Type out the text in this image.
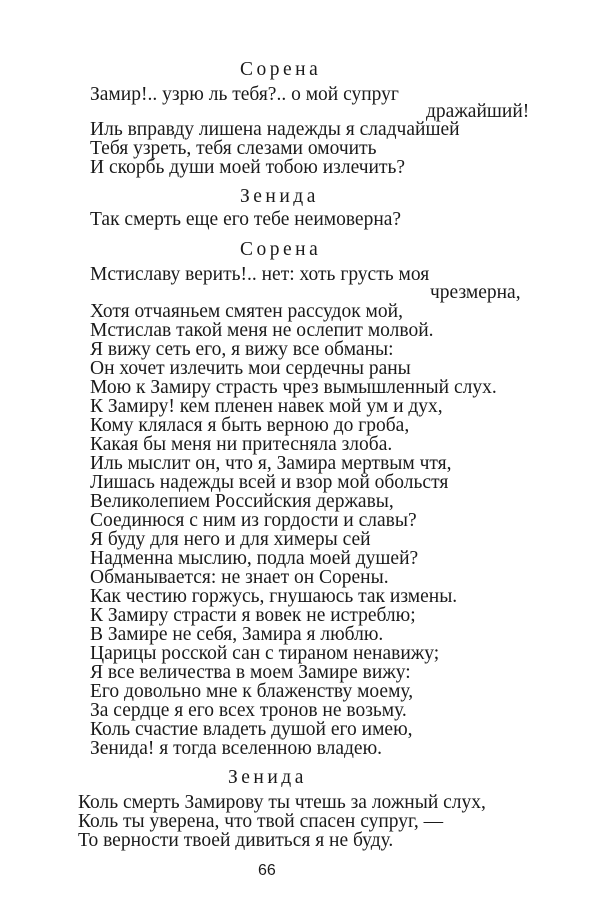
Сорена
Замир!.. узрю ль тебя?.. о мой супруг
дражайший!
Иль вправду лишена надежды я сладчайшей
Тебя узреть, тебя слезами омочить
И скорбь души моей тобою излечить?
Зенида
Так смерть еще его тебе неимоверна?
Сорена
Мстиславу верить!.. нет: хоть грусть моя
чрезмерна,
Хотя отчаяньем смятен рассудок мой,
Мстислав такой меня не ослепит молвой.
Я вижу сеть его, я вижу все обманы:
Он хочет излечить мои сердечны раны
Мою к Замиру страсть чрез вымышленный слух.
К Замиру! кем пленен навек мой ум и дух,
Кому клялася я быть верною до гроба,
Какая бы меня ни притесняла злоба.
Иль мыслит он, что я, Замира мертвым чтя,
Лишась надежды всей и взор мой обольстя
Великолепием Российския державы,
Соединюся с ним из гордости и славы?
Я буду для него и для химеры сей
Надменна мыслию, подла моей душей?
Обманывается: не знает он Сорены.
Как честию горжусь, гнушаюсь так измены.
К Замиру страсти я вовек не истреблю;
В Замире не себя, Замира я люблю.
Царицы росской сан с тираном ненавижу;
Я все величества в моем Замире вижу:
Его довольно мне к блаженству моему,
За сердце я его всех тронов не возьму.
Коль счастие владеть душой его имею,
Зенида! я тогда вселенною владею.
Зенида
Коль смерть Замирову ты чтешь за ложный слух,
Коль ты уверена, что твой спасен супруг, —
То верности твоей дивиться я не буду.
66
